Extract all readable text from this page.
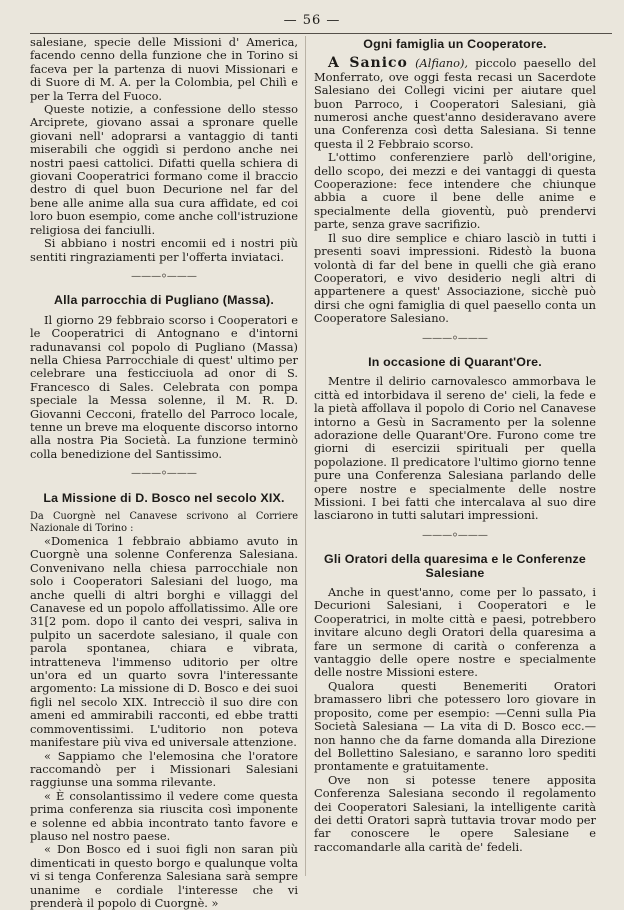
— 56 —

salesiane, specie delle Missioni d' America, facendo cenno della funzione che in Torino si faceva per la partenza di nuovi Missionari e di Suore di M. A. per la Colombia, pel Chilì e per la Terra del Fuoco.

Queste notizie, a confessione dello stesso Arciprete, giovano assai a spronare quelle giovani nell' adoprarsi a vantaggio di tanti miserabili che oggidì si perdono anche nei nostri paesi cattolici. Difatti quella schiera di giovani Cooperatrici formano come il braccio destro di quel buon Decurione nel far del bene alle anime alla sua cura affidate, ed coi loro buon esempio, come anche coll'istruzione religiosa dei fanciulli.

Si abbiano i nostri encomii ed i nostri più sentiti ringraziamenti per l'offerta inviataci.

———⸰———
Alla parrocchia di Pugliano (Massa).

Il giorno 29 febbraio scorso i Cooperatori e le Cooperatrici di Antognano e d'intorni radunavansi col popolo di Pugliano (Massa) nella Chiesa Parrocchiale di quest' ultimo per celebrare una festicciuola ad onor di S. Francesco di Sales. Celebrata con pompa speciale la Messa solenne, il M. R. D. Giovanni Cecconi, fratello del Parroco locale, tenne un breve ma eloquente discorso intorno alla nostra Pia Società. La funzione terminò colla benedizione del Santissimo.

———⸰———
La Missione di D. Bosco nel secolo XIX.

Da Cuorgnè nel Canavese scrivono al Corriere Nazionale di Torino :

«Domenica 1 febbraio abbiamo avuto in Cuorgnè una solenne Conferenza Salesiana. Convenivano nella chiesa parrocchiale non solo i Cooperatori Salesiani del luogo, ma anche quelli di altri borghi e villaggi del Canavese ed un popolo affollatissimo. Alle ore 31[2 pom. dopo il canto dei vespri, saliva in pulpito un sacerdote salesiano, il quale con parola spontanea, chiara e vibrata, intratteneva l'immenso uditorio per oltre un'ora ed un quarto sovra l'interessante argomento: La missione di D. Bosco e dei suoi figli nel secolo XIX. Intrecciò il suo dire con ameni ed ammirabili racconti, ed ebbe tratti commoventissimi. L'uditorio non poteva manifestare più viva ed universale attenzione.

« Sappiamo che l'elemosina che l'oratore raccomandò per i Missionari Salesiani raggiunse una somma rilevante.

« È consolantissimo il vedere come questa prima conferenza sia riuscita così imponente e solenne ed abbia incontrato tanto favore e plauso nel nostro paese.

« Don Bosco ed i suoi figli non saran più dimenticati in questo borgo e qualunque volta vi si tenga Conferenza Salesiana sarà sempre unanime e cordiale l'interesse che vi prenderà il popolo di Cuorgnè. »

Ogni famiglia un Cooperatore.

A Sanico (Alfiano), piccolo paesello del Monferrato, ove oggi festa recasi un Sacerdote Salesiano dei Collegi vicini per aiutare quel buon Parroco, i Cooperatori Salesiani, già numerosi anche quest'anno desideravano avere una Conferenza così detta Salesiana. Si tenne questa il 2 Febbraio scorso.

L'ottimo conferenziere parlò dell'origine, dello scopo, dei mezzi e dei vantaggi di questa Cooperazione: fece intendere che chiunque abbia a cuore il bene delle anime e specialmente della gioventù, può prendervi parte, senza grave sacrifizio.

Il suo dire semplice e chiaro lasciò in tutti i presenti soavi impressioni. Ridestò la buona volontà di far del bene in quelli che già erano Cooperatori, e vivo desiderio negli altri di appartenere a quest' Associazione, sicchè può dirsi che ogni famiglia di quel paesello conta un Cooperatore Salesiano.

———⸰———
In occasione di Quarant'Ore.

Mentre il delirio carnovalesco ammorbava le città ed intorbidava il sereno de' cieli, la fede e la pietà affollava il popolo di Corio nel Canavese intorno a Gesù in Sacramento per la solenne adorazione delle Quarant'Ore. Furono come tre giorni di esercizii spirituali per quella popolazione. Il predicatore l'ultimo giorno tenne pure una Conferenza Salesiana parlando delle opere nostre e specialmente delle nostre Missioni. I bei fatti che intercalava al suo dire lasciarono in tutti salutari impressioni.

———⸰———
Gli Oratori della quaresima e le Conferenze Salesiane

Anche in quest'anno, come per lo passato, i Decurioni Salesiani, i Cooperatori e le Cooperatrici, in molte città e paesi, potrebbero invitare alcuno degli Oratori della quaresima a fare un sermone di carità o conferenza a vantaggio delle opere nostre e specialmente delle nostre Missioni estere.

Qualora questi Benemeriti Oratori bramassero libri che potessero loro giovare in proposito, come per esempio: —Cenni sulla Pia Società Salesiana — La vita di D. Bosco ecc.— non hanno che da farne domanda alla Direzione del Bollettino Salesiano, e saranno loro spediti prontamente e gratuitamente.

Ove non si potesse tenere apposita Conferenza Salesiana secondo il regolamento dei Cooperatori Salesiani, la intelligente carità dei detti Oratori saprà tuttavia trovar modo per far conoscere le opere Salesiane e raccomandarle alla carità de' fedeli.
